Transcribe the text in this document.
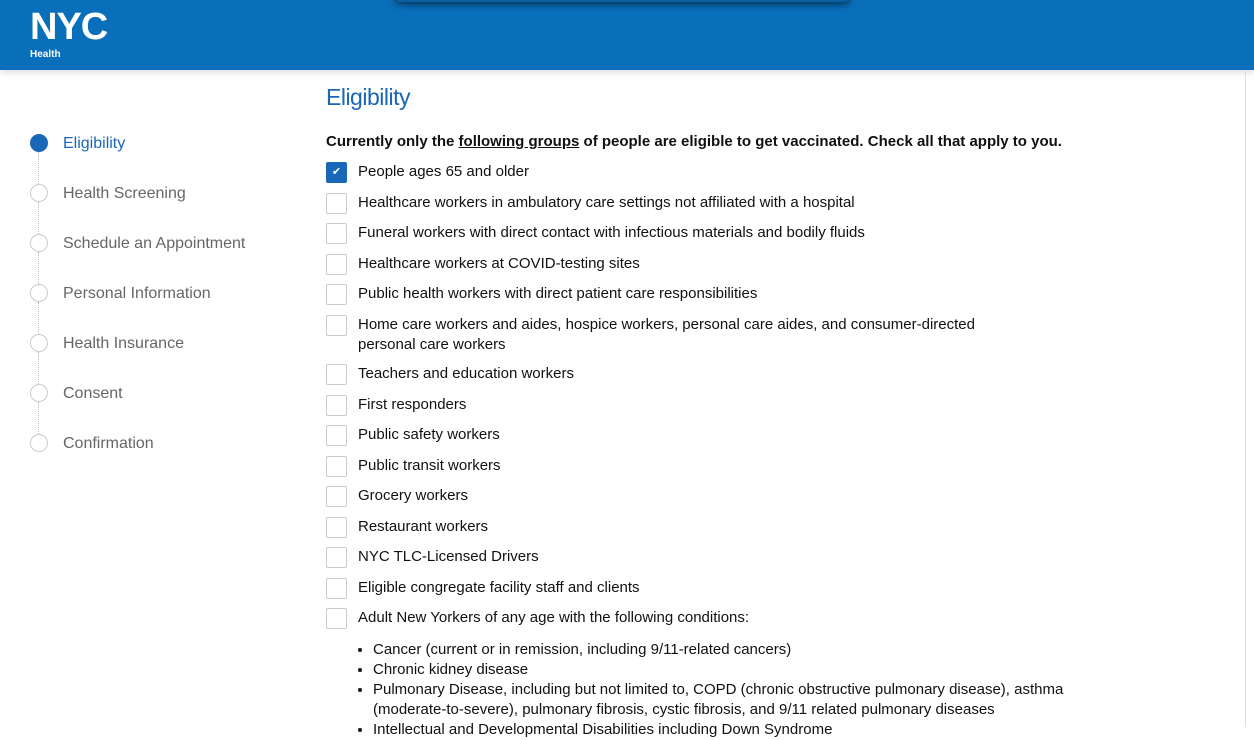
NYC
Health
Eligibility
Health Screening
Schedule an Appointment
Personal Information
Health Insurance
Consent
Confirmation
Eligibility

Currently only the following groups of people are eligible to get vaccinated. Check all that apply to you.

✔	People ages 65 and older
Healthcare workers in ambulatory care settings not affiliated with a hospital
Funeral workers with direct contact with infectious materials and bodily fluids
Healthcare workers at COVID-testing sites
Public health workers with direct patient care responsibilities
Home care workers and aides, hospice workers, personal care aides, and consumer-directed personal care workers
Teachers and education workers
First responders
Public safety workers
Public transit workers
Grocery workers
Restaurant workers
NYC TLC-Licensed Drivers
Eligible congregate facility staff and clients
Adult New Yorkers of any age with the following conditions:
• Cancer (current or in remission, including 9/11-related cancers)
• Chronic kidney disease
• Pulmonary Disease, including but not limited to, COPD (chronic obstructive pulmonary disease), asthma (moderate-to-severe), pulmonary fibrosis, cystic fibrosis, and 9/11 related pulmonary diseases
• Intellectual and Developmental Disabilities including Down Syndrome
